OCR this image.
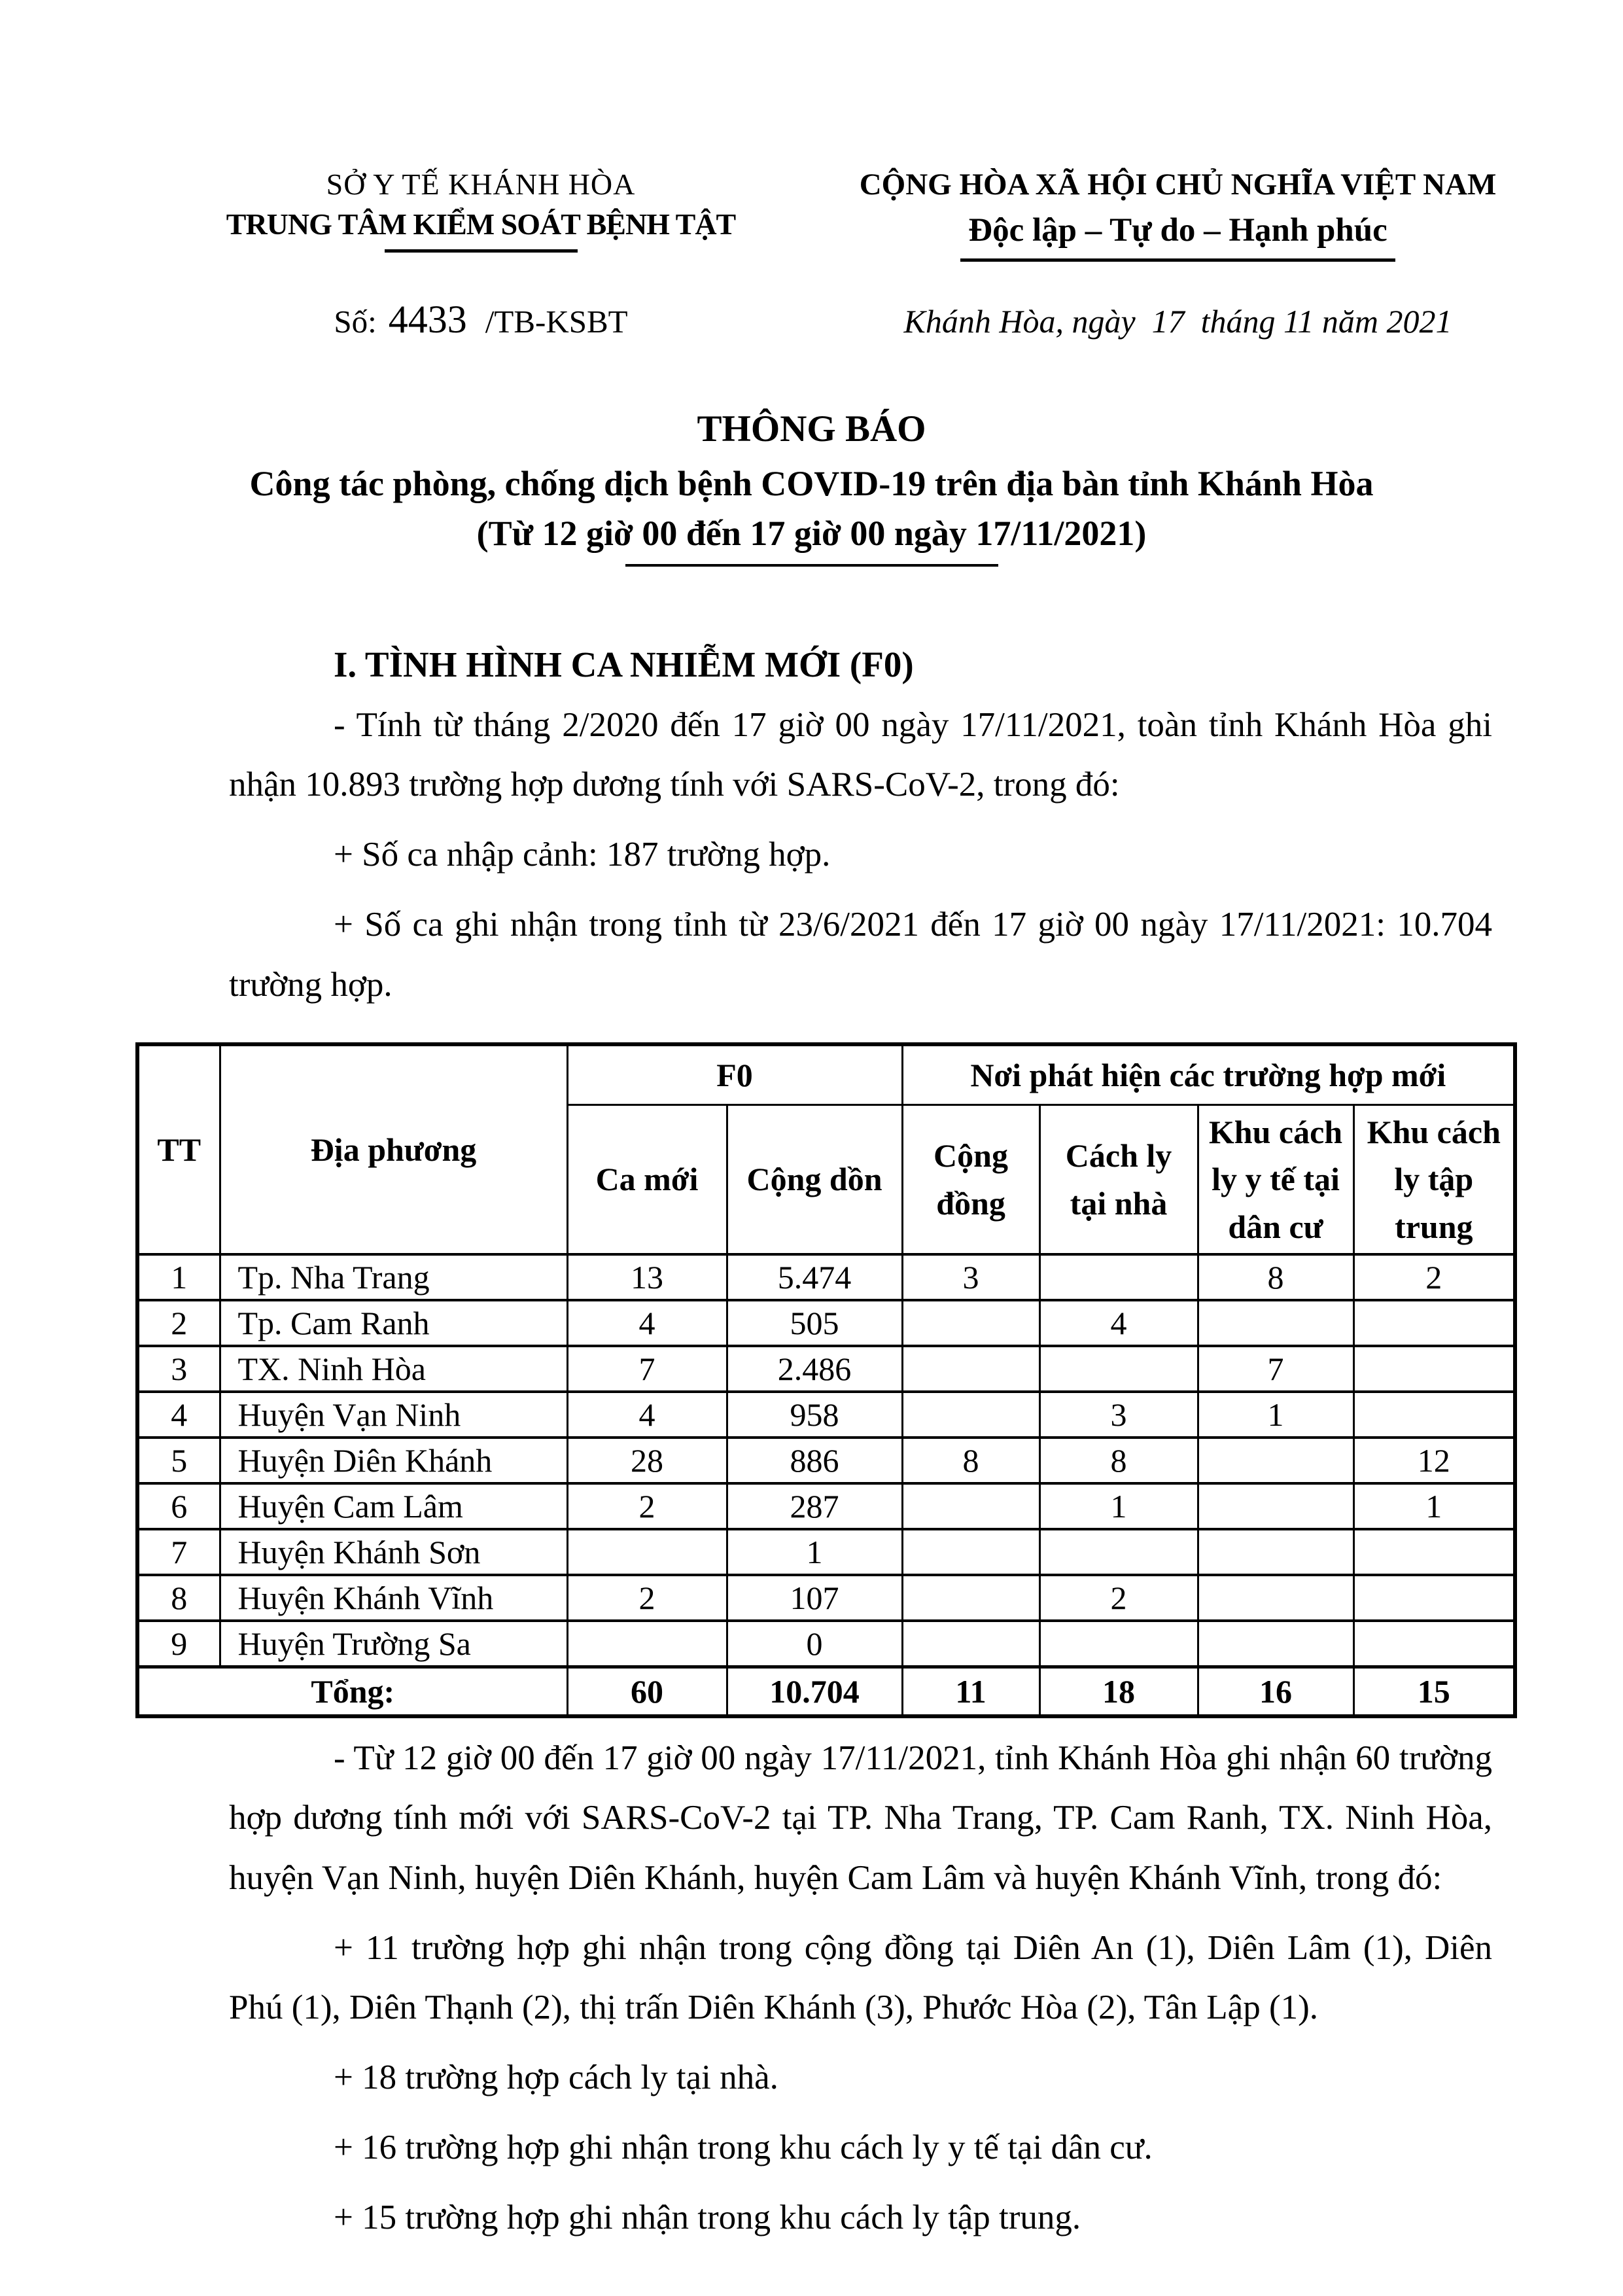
SỞ Y TẾ KHÁNH HÒA
TRUNG TÂM KIỂM SOÁT BỆNH TẬT
Số: 4433 /TB-KSBT
CỘNG HÒA XÃ HỘI CHỦ NGHĨA VIỆT NAM
Độc lập – Tự do – Hạnh phúc
Khánh Hòa, ngày  17  tháng 11 năm 2021
THÔNG BÁO
Công tác phòng, chống dịch bệnh COVID-19 trên địa bàn tỉnh Khánh Hòa
(Từ 12 giờ 00 đến 17 giờ 00 ngày 17/11/2021)
I. TÌNH HÌNH CA NHIỄM MỚI (F0)

- Tính từ tháng 2/2020 đến 17 giờ 00 ngày 17/11/2021, toàn tỉnh Khánh Hòa ghi nhận 10.893 trường hợp dương tính với SARS-CoV-2, trong đó:

+ Số ca nhập cảnh: 187 trường hợp.

+ Số ca ghi nhận trong tỉnh từ 23/6/2021 đến 17 giờ 00 ngày 17/11/2021: 10.704 trường hợp.

TT	Địa phương	F0		Nơi phát hiện các trường hợp mới			
		Ca mới	Cộng dồn	Cộng đồng	Cách ly tại nhà	Khu cách ly y tế tại dân cư	Khu cách ly tập trung
1	Tp. Nha Trang	13	5.474	3		8	2
2	Tp. Cam Ranh	4	505		4		
3	TX. Ninh Hòa	7	2.486			7	
4	Huyện Vạn Ninh	4	958		3	1	
5	Huyện Diên Khánh	28	886	8	8		12
6	Huyện Cam Lâm	2	287		1		1
7	Huyện Khánh Sơn		1				
8	Huyện Khánh Vĩnh	2	107		2		
9	Huyện Trường Sa		0				
Tổng:		60	10.704	11	18	16	15

- Từ 12 giờ 00 đến 17 giờ 00 ngày 17/11/2021, tỉnh Khánh Hòa ghi nhận 60 trường hợp dương tính mới với SARS-CoV-2 tại TP. Nha Trang, TP. Cam Ranh, TX. Ninh Hòa, huyện Vạn Ninh, huyện Diên Khánh, huyện Cam Lâm và huyện Khánh Vĩnh, trong đó:

+ 11 trường hợp ghi nhận trong cộng đồng tại Diên An (1), Diên Lâm (1), Diên Phú (1), Diên Thạnh (2), thị trấn Diên Khánh (3), Phước Hòa (2), Tân Lập (1).

+ 18 trường hợp cách ly tại nhà.

+ 16 trường hợp ghi nhận trong khu cách ly y tế tại dân cư.

+ 15 trường hợp ghi nhận trong khu cách ly tập trung.
